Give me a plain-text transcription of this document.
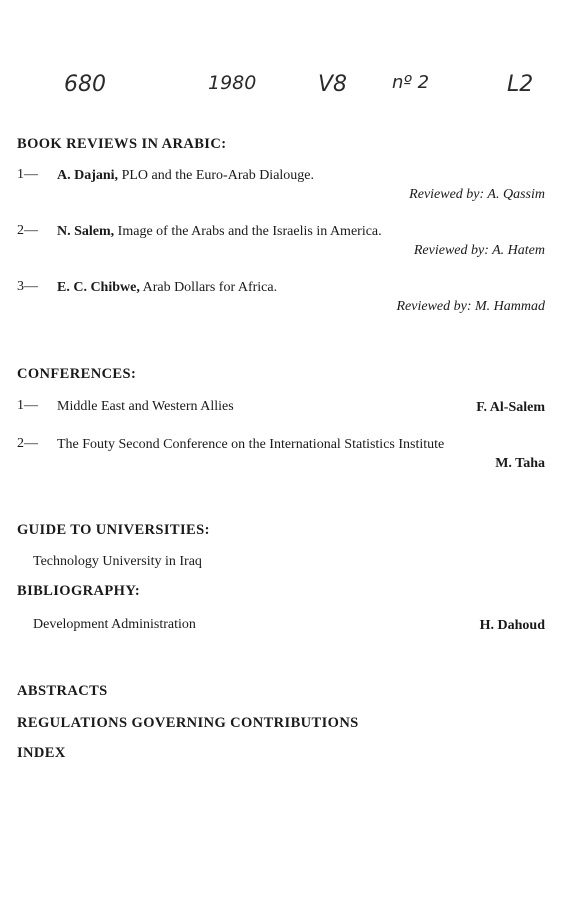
680	1980	V8 nº 2	L2
BOOK REVIEWS IN ARABIC:
1— A. Dajani, PLO and the Euro-Arab Dialouge.
Reviewed by: A. Qassim
2— N. Salem, Image of the Arabs and the Israelis in America.
Reviewed by: A. Hatem
3— E. C. Chibwe, Arab Dollars for Africa.
Reviewed by: M. Hammad
CONFERENCES:
1— Middle East and Western Allies	F. Al-Salem
2— The Fouty Second Conference on the International Statistics Institute
M. Taha
GUIDE TO UNIVERSITIES:
Technology University in Iraq
BIBLIOGRAPHY:
Development Administration	H. Dahoud
ABSTRACTS
REGULATIONS GOVERNING CONTRIBUTIONS
INDEX
